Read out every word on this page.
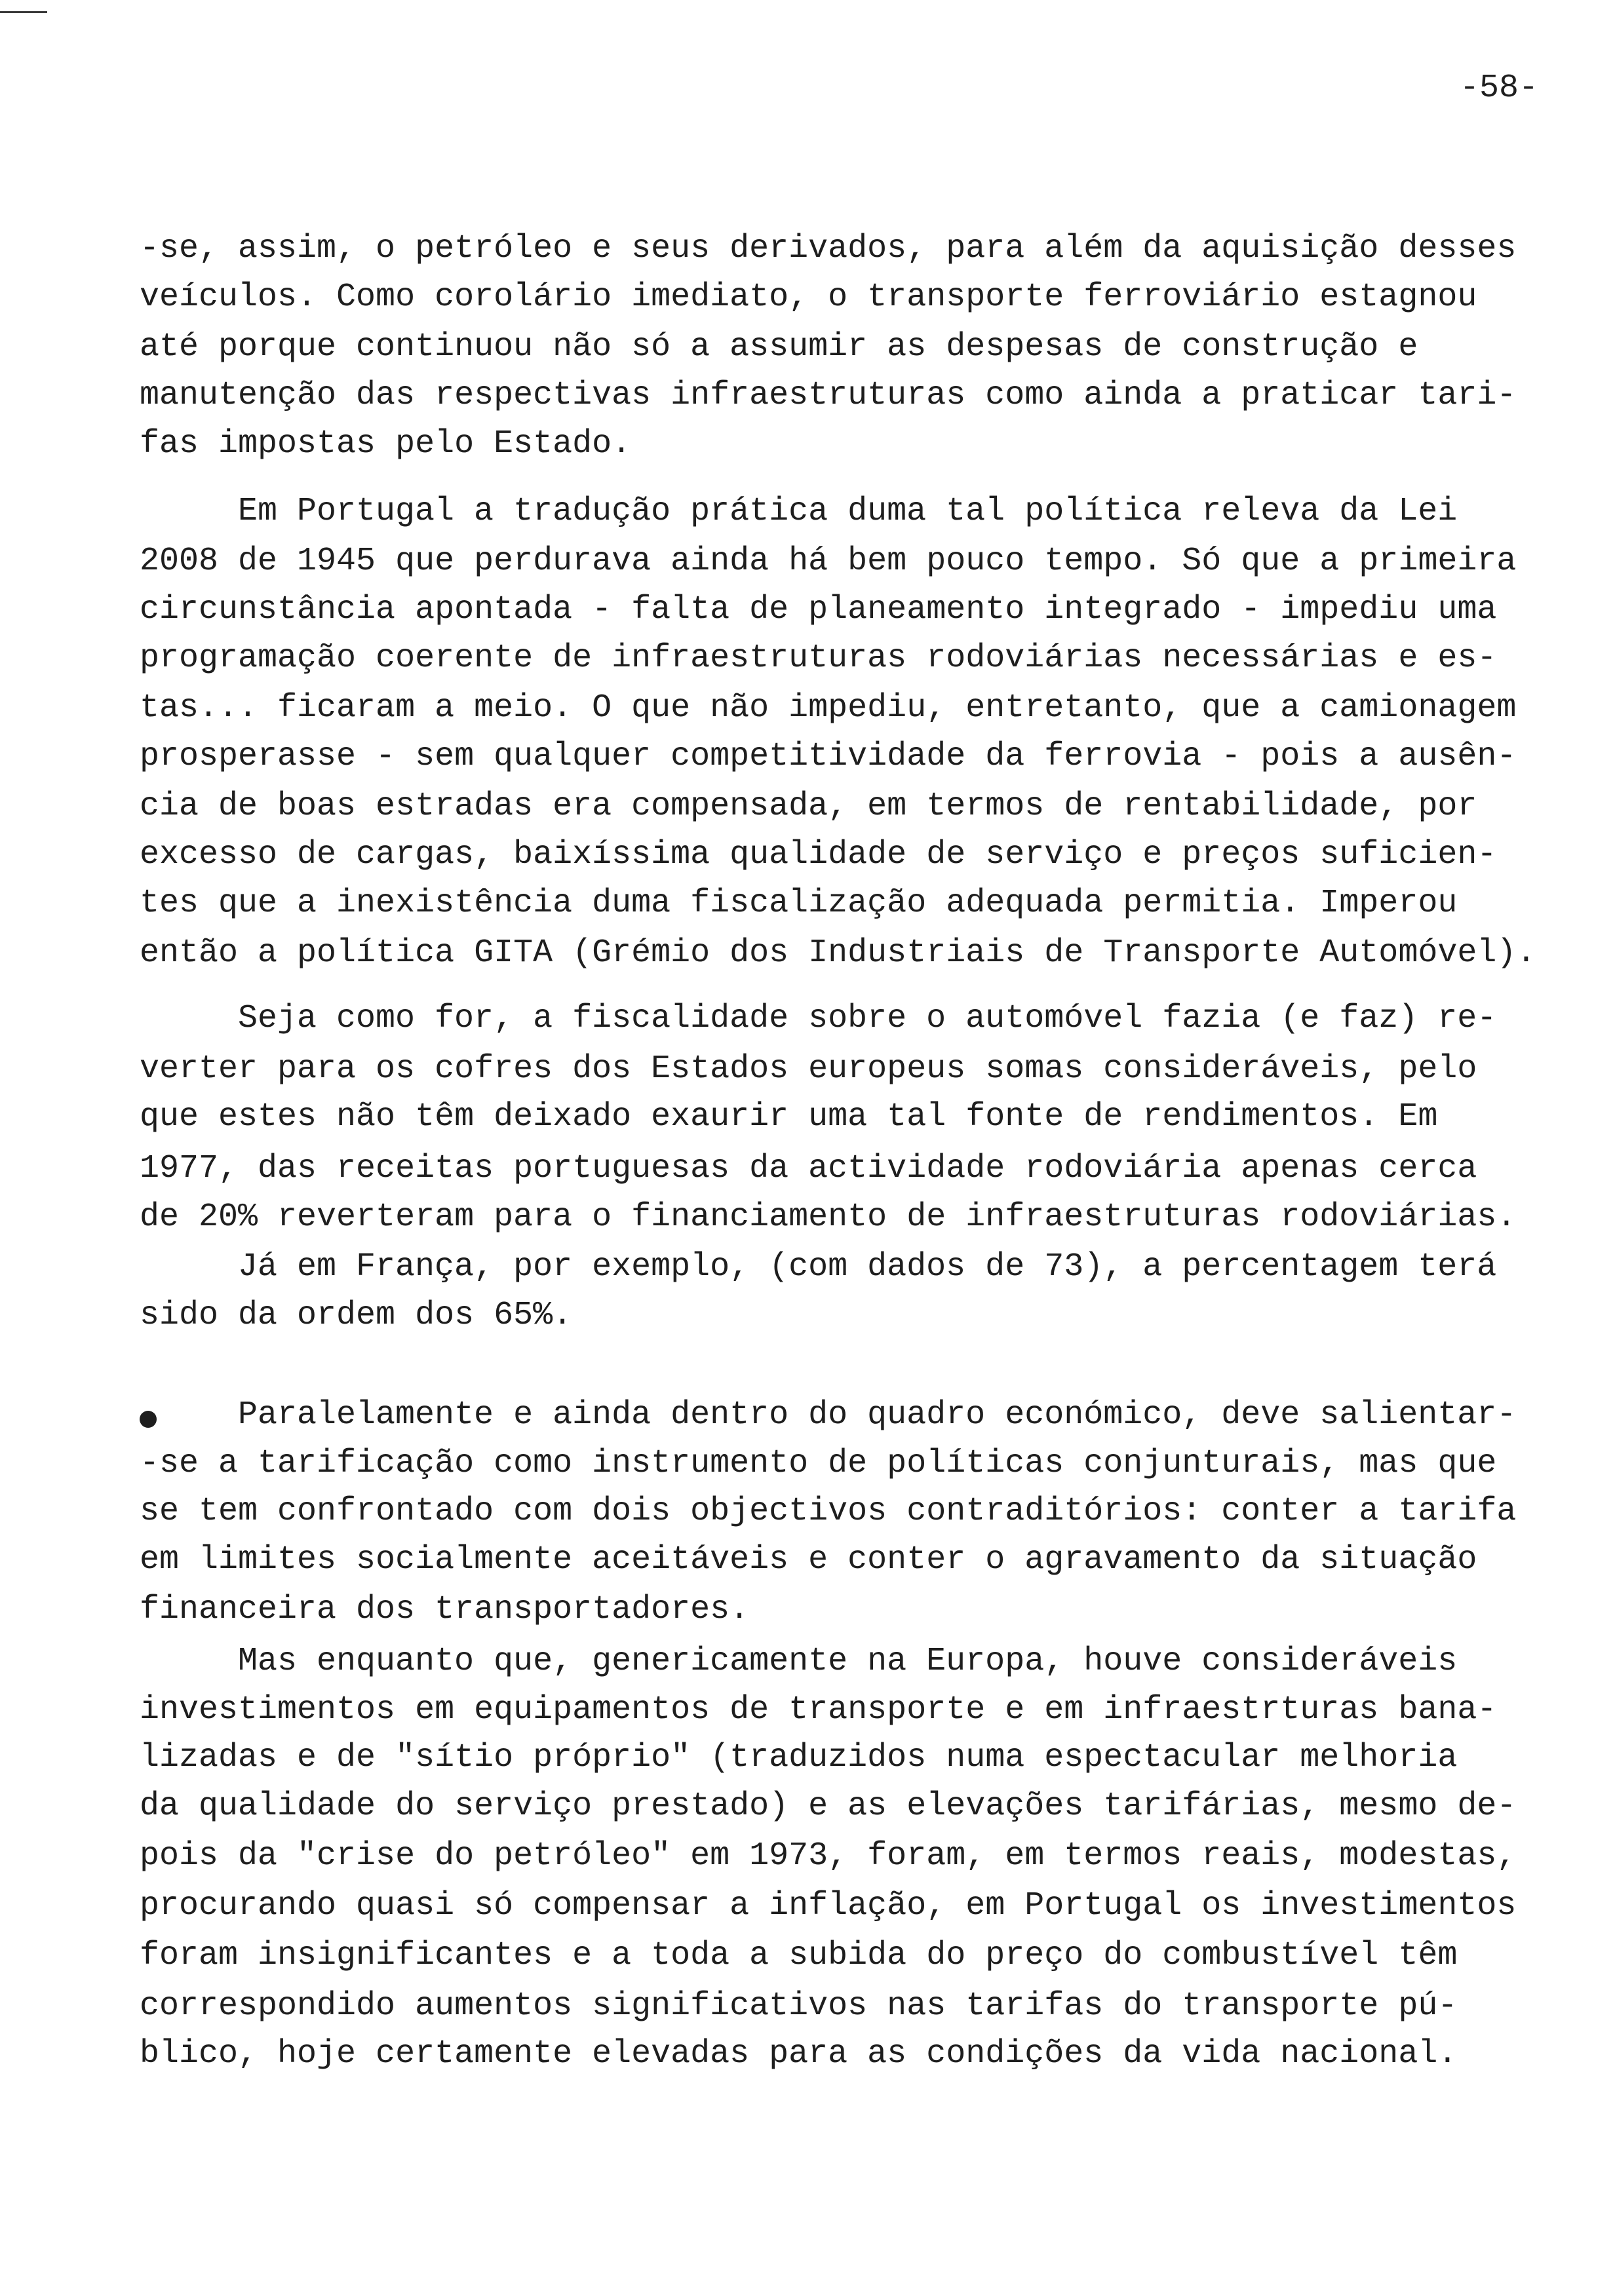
-58-
-se, assim, o petróleo e seus derivados, para além da aquisição desses
veículos. Como corolário imediato, o transporte ferroviário estagnou
até porque continuou não só a assumir as despesas de construção e
manutenção das respectivas infraestruturas como ainda a praticar tari-
fas impostas pelo Estado.
Em Portugal a tradução prática duma tal política releva da Lei
2008 de 1945 que perdurava ainda há bem pouco tempo. Só que a primeira
circunstância apontada - falta de planeamento integrado - impediu uma
programação coerente de infraestruturas rodoviárias necessárias e es-
tas... ficaram a meio. O que não impediu, entretanto, que a camionagem
prosperasse - sem qualquer competitividade da ferrovia - pois a ausên-
cia de boas estradas era compensada, em termos de rentabilidade, por
excesso de cargas, baixíssima qualidade de serviço e preços suficien-
tes que a inexistência duma fiscalização adequada permitia. Imperou
então a política GITA (Grémio dos Industriais de Transporte Automóvel).
Seja como for, a fiscalidade sobre o automóvel fazia (e faz) re-
verter para os cofres dos Estados europeus somas consideráveis, pelo
que estes não têm deixado exaurir uma tal fonte de rendimentos. Em
1977, das receitas portuguesas da actividade rodoviária apenas cerca
de 20% reverteram para o financiamento de infraestruturas rodoviárias.
Já em França, por exemplo, (com dados de 73), a percentagem terá
sido da ordem dos 65%.
Paralelamente e ainda dentro do quadro económico, deve salientar-
-se a tarificação como instrumento de políticas conjunturais, mas que
se tem confrontado com dois objectivos contraditórios: conter a tarifa
em limites socialmente aceitáveis e conter o agravamento da situação
financeira dos transportadores.
Mas enquanto que, genericamente na Europa, houve consideráveis
investimentos em equipamentos de transporte e em infraestrturas bana-
lizadas e de "sítio próprio" (traduzidos numa espectacular melhoria
da qualidade do serviço prestado) e as elevações tarifárias, mesmo de-
pois da "crise do petróleo" em 1973, foram, em termos reais, modestas,
procurando quasi só compensar a inflação, em Portugal os investimentos
foram insignificantes e a toda a subida do preço do combustível têm
correspondido aumentos significativos nas tarifas do transporte pú-
blico, hoje certamente elevadas para as condições da vida nacional.
